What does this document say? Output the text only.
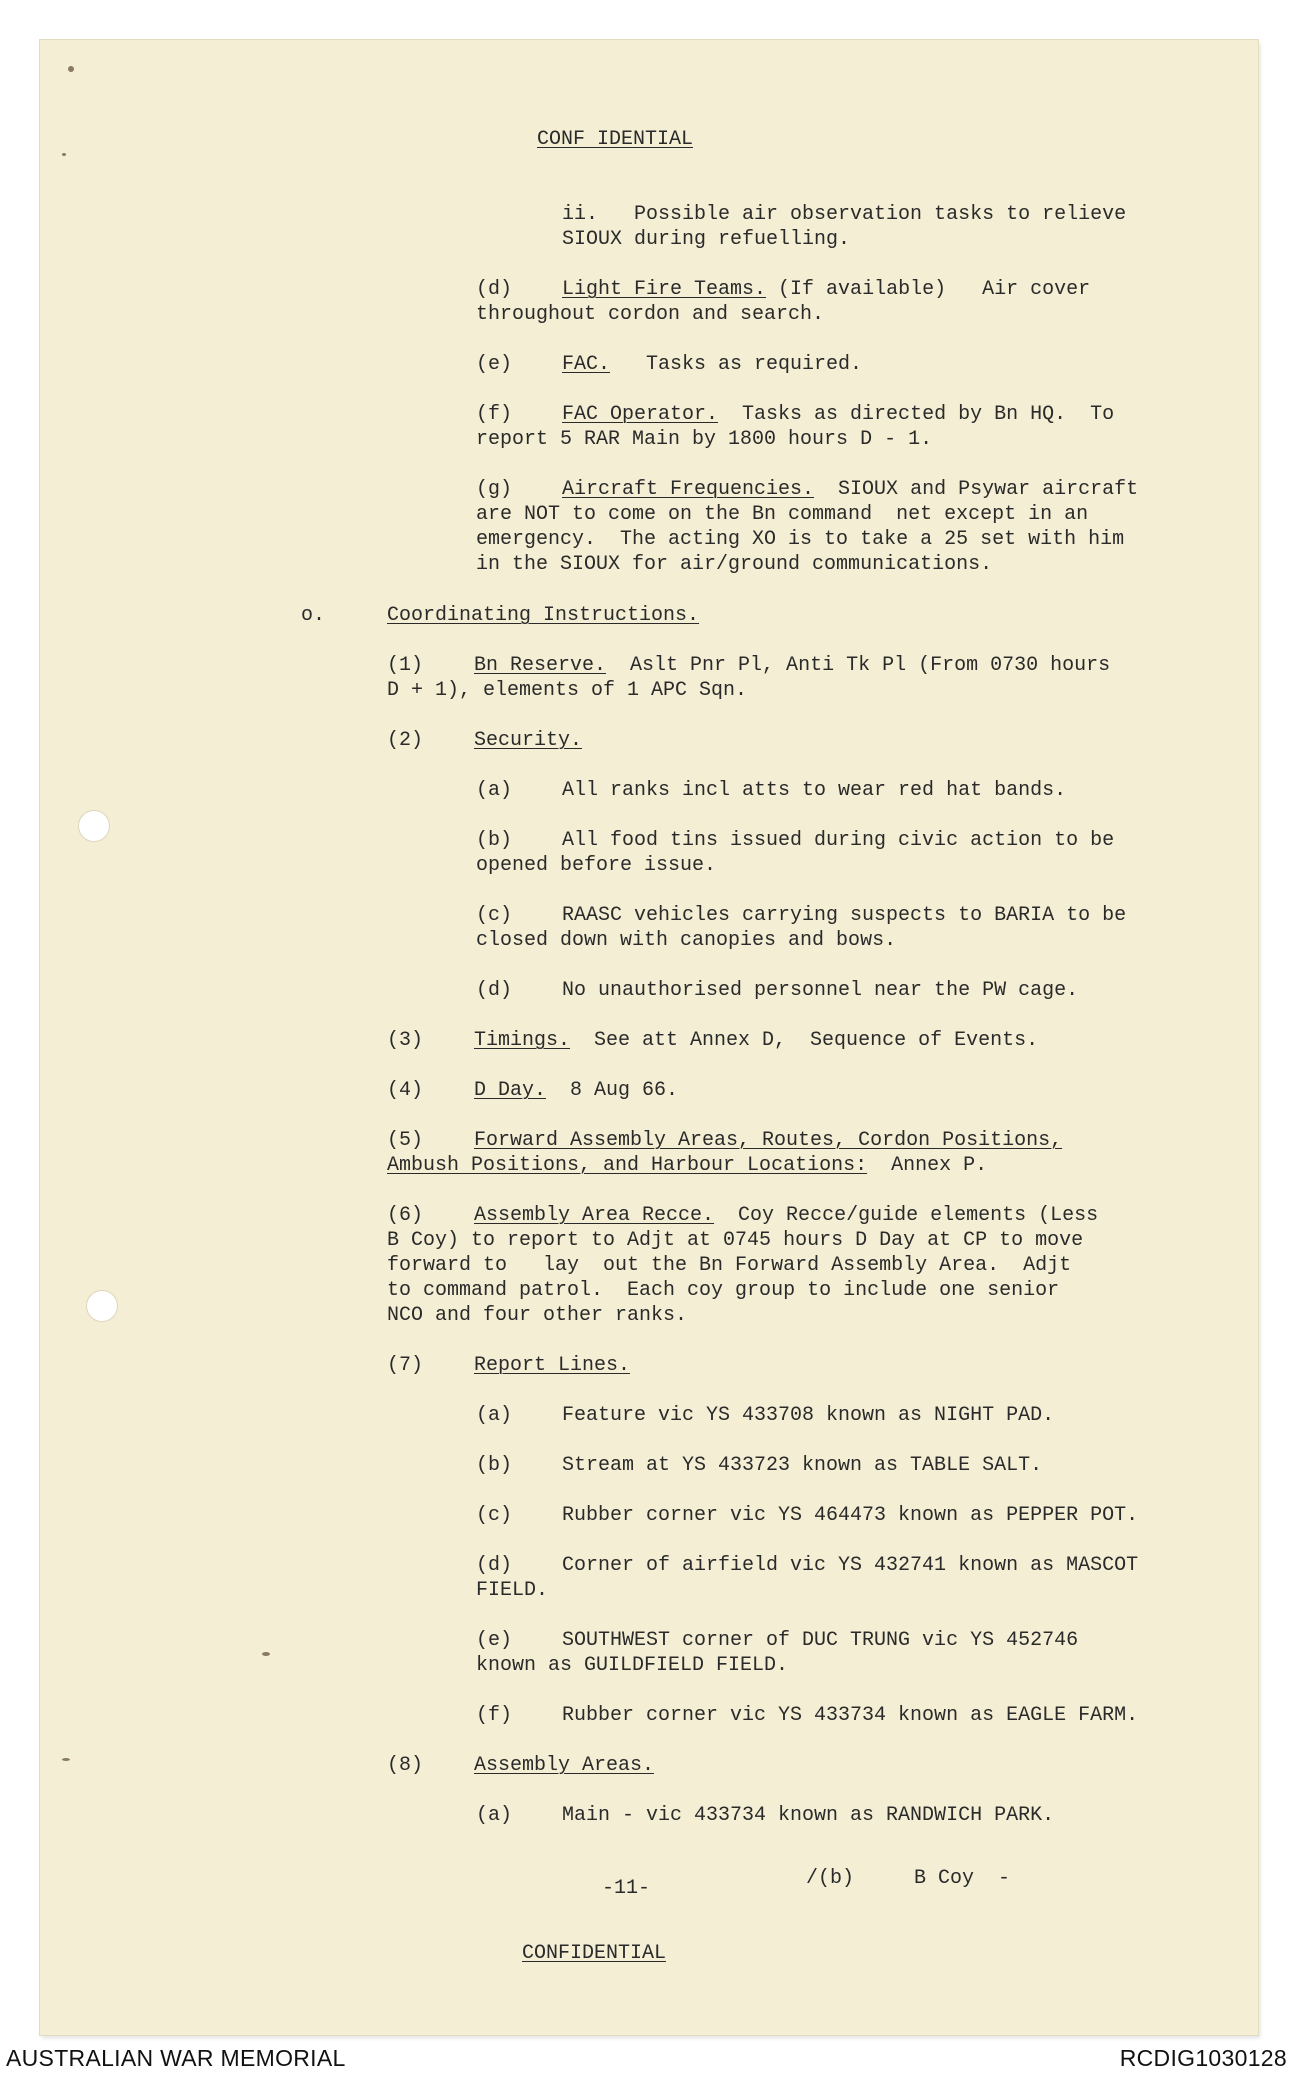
CONF IDENTIAL

ii.   Possible air observation tasks to relieve

SIOUX during refuelling.

(d) Light Fire Teams. (If available)   Air cover

throughout cordon and search.

(e) FAC.   Tasks as required.

(f) FAC Operator.  Tasks as directed by Bn HQ.  To

report 5 RAR Main by 1800 hours D - 1.

(g) Aircraft Frequencies.  SIOUX and Psywar aircraft

are NOT to come on the Bn command  net except in an

emergency.  The acting XO is to take a 25 set with him

in the SIOUX for air/ground communications.

o.	Coordinating Instructions.

(1)	Bn Reserve.  Aslt Pnr Pl, Anti Tk Pl (From 0730 hours

D + 1), elements of 1 APC Sqn.

(2)	Security.

(a) All ranks incl atts to wear red hat bands.

(b) All food tins issued during civic action to be

opened before issue.

(c) RAASC vehicles carrying suspects to BARIA to be

closed down with canopies and bows.

(d) No unauthorised personnel near the PW cage.

(3)	Timings.  See att Annex D,  Sequence of Events.

(4)	D Day.  8 Aug 66.

(5)	Forward Assembly Areas, Routes, Cordon Positions,

Ambush Positions, and Harbour Locations:  Annex P.

(6)	Assembly Area Recce.  Coy Recce/guide elements (Less

B Coy) to report to Adjt at 0745 hours D Day at CP to move

forward to   lay  out the Bn Forward Assembly Area.  Adjt

to command patrol.  Each coy group to include one senior

NCO and four other ranks.

(7)	Report Lines.

(a) Feature vic YS 433708 known as NIGHT PAD.

(b) Stream at YS 433723 known as TABLE SALT.

(c) Rubber corner vic YS 464473 known as PEPPER POT.

(d) Corner of airfield vic YS 432741 known as MASCOT

FIELD.

(e) SOUTHWEST corner of DUC TRUNG vic YS 452746

known as GUILDFIELD FIELD.

(f) Rubber corner vic YS 433734 known as EAGLE FARM.

(8)	Assembly Areas.

(a) Main - vic 433734 known as RANDWICH PARK.

-11-	/(b)     B Coy  -

CONFIDENTIAL

AUSTRALIAN WAR MEMORIAL	RCDIG1030128
